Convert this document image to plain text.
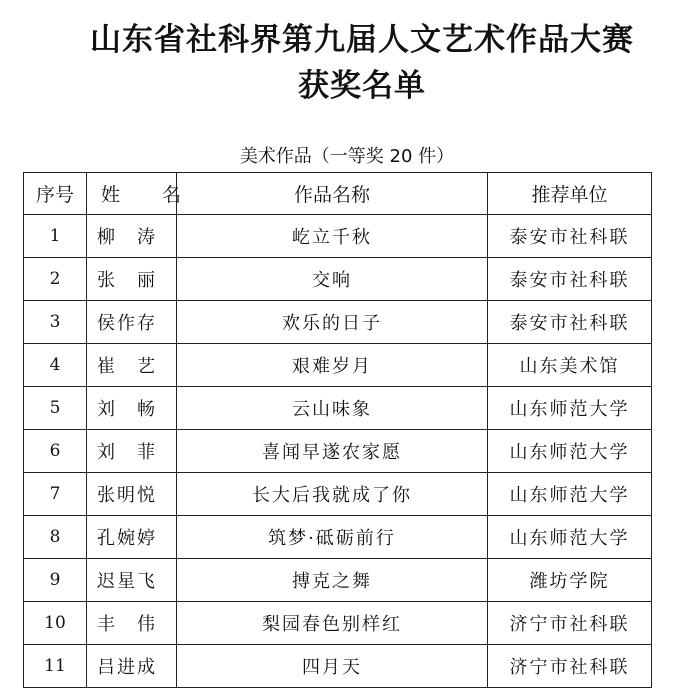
山东省社科界第九届人文艺术作品大赛
获奖名单
美术作品（一等奖 20 件）
序号	姓 名	作品名称	推荐单位
1	柳　涛	屹立千秋	泰安市社科联
2	张　丽	交响	泰安市社科联
3	侯作存	欢乐的日子	泰安市社科联
4	崔　艺	艰难岁月	山东美术馆
5	刘　畅	云山味象	山东师范大学
6	刘　菲	喜闻早遂农家愿	山东师范大学
7	张明悦	长大后我就成了你	山东师范大学
8	孔婉婷	筑梦·砥砺前行	山东师范大学
9	迟星飞	搏克之舞	潍坊学院
10	丰　伟	梨园春色别样红	济宁市社科联
11	吕进成	四月天	济宁市社科联
